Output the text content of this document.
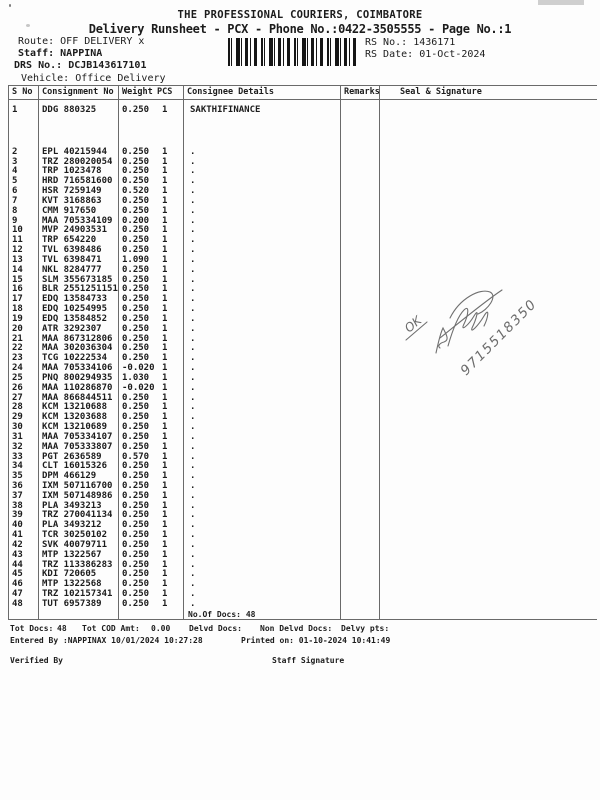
THE PROFESSIONAL COURIERS, COIMBATORE
Delivery Runsheet - PCX - Phone No.:0422-3505555 - Page No.:1
Route: OFF DELIVERY x
Staff: NAPPINA
DRS No.: DCJB143617101
Vehicle: Office Delivery
RS No.: 1436171
RS Date: 01-Oct-2024
S No	Consignment No Weight PCS	Consignee Details	Remarks	Seal & Signature
1	DDG 880325	0.250	1	SAKTHIFINANCE
2	EPL 40215944	0.250	1	.
3	TRZ 280020054	0.250	1	.
4	TRP 1023478	0.250	1	.
5	HRD 716581600	0.250	1	.
6	HSR 7259149	0.520	1	.
7	KVT 3168863	0.250	1	.
8	CMM 917650	0.250	1	.
9	MAA 705334109	0.200	1	.
10	MVP 24903531	0.250	1	.
11	TRP 654220	0.250	1	.
12	TVL 6398486	0.250	1	.
13	TVL 6398471	1.090	1	.
14	NKL 8284777	0.250	1	.
15	SLM 355673185	0.250	1	.
16	BLR 2551251151 0.250	1	.
17	EDQ 13584733	0.250	1	.
18	EDQ 10254995	0.250	1	.
19	EDQ 13584852	0.250	1	.
20	ATR 3292307	0.250	1	.
21	MAA 867312806	0.250	1	.
22	MAA 302036304	0.250	1	.
23	TCG 10222534	0.250	1	.
24	MAA 705334106	-0.020 1	.
25	PNQ 800294935	1.030	1	.
26	MAA 110286870	-0.020 1	.
27	MAA 866844511	0.250	1	.
28	KCM 13210688	0.250	1	.
29	KCM 13203688	0.250	1	.
30	KCM 13210689	0.250	1	.
31	MAA 705334107	0.250	1	.
32	MAA 705333807	0.250	1	.
33	PGT 2636589	0.570	1	.
34	CLT 16015326	0.250	1	.
35	DPM 466129	0.250	1	.
36	IXM 507116700	0.250	1	.
37	IXM 507148986	0.250	1	.
38	PLA 3493213	0.250	1	.
39	TRZ 270041134	0.250	1	.
40	PLA 3493212	0.250	1	.
41	TCR 30250102	0.250	1	.
42	SVK 40079711	0.250	1	.
43	MTP 1322567	0.250	1	.
44	TRZ 113386283	0.250	1	.
45	KDI 720605	0.250	1	.
46	MTP 1322568	0.250	1	.
47	TRZ 102157341	0.250	1	.
48	TUT 6957389	0.250	1	.
No.Of Docs: 48
OK 9715518350
Tot Docs: 48 Tot COD Amt: 0.00 Delvd Docs: Non Delvd Docs: Delvy pts:
Entered By :NAPPINAX 10/01/2024 10:27:28	Printed on: 01-10-2024 10:41:49
Verified By	Staff Signature
